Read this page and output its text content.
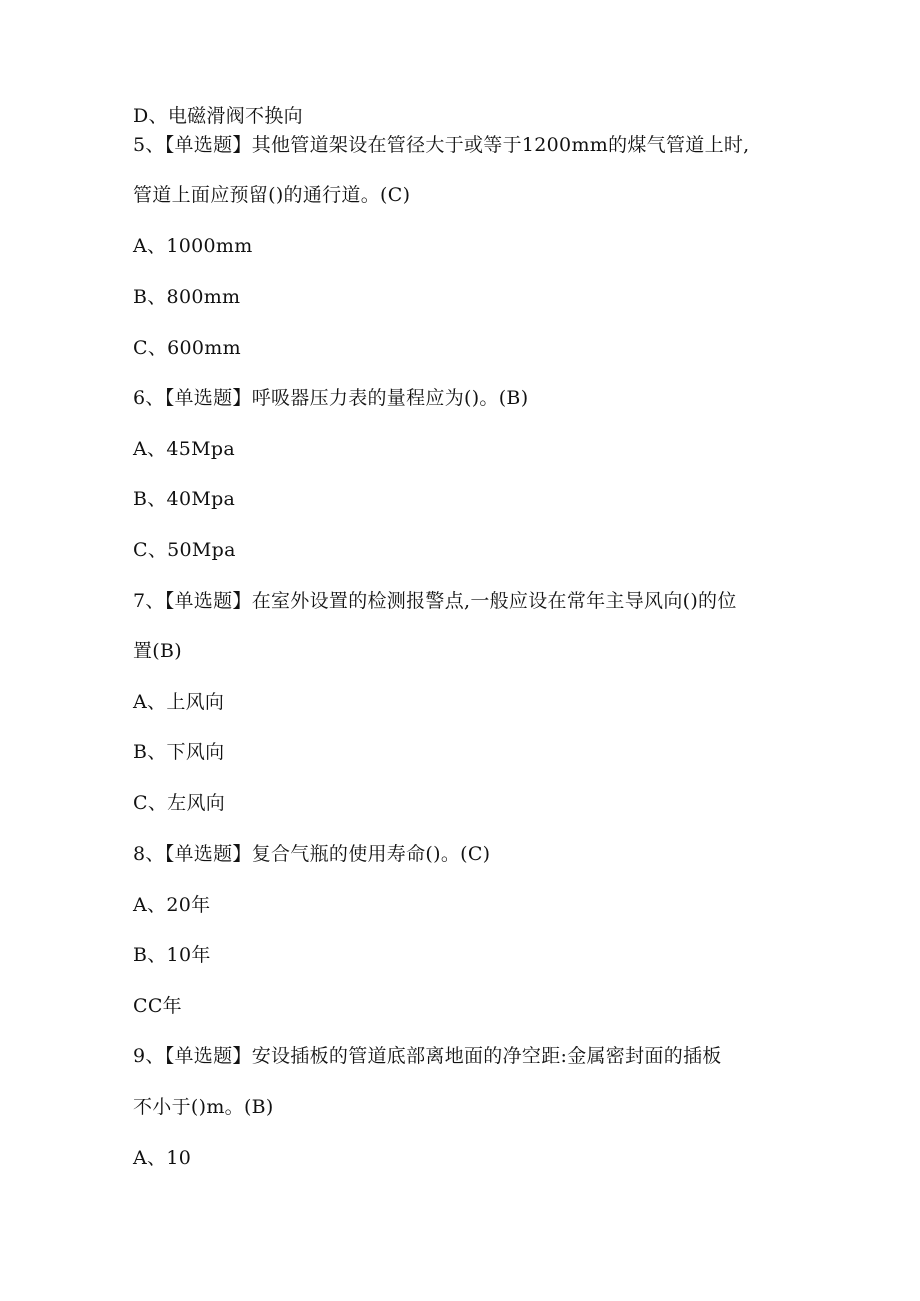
D、电磁滑阀不换向
5、【单选题】其他管道架设在管径大于或等于1200mm的煤气管道上时,
管道上面应预留()的通行道。(C)
A、1000mm
B、800mm
C、600mm
6、【单选题】呼吸器压力表的量程应为()。(B)
A、45Mpa
B、40Mpa
C、50Mpa
7、【单选题】在室外设置的检测报警点,一般应设在常年主导风向()的位
置(B)
A、上风向
B、下风向
C、左风向
8、【单选题】复合气瓶的使用寿命()。(C)
A、20年
B、10年
CC年
9、【单选题】安设插板的管道底部离地面的净空距:金属密封面的插板
不小于()m。(B)
A、10
